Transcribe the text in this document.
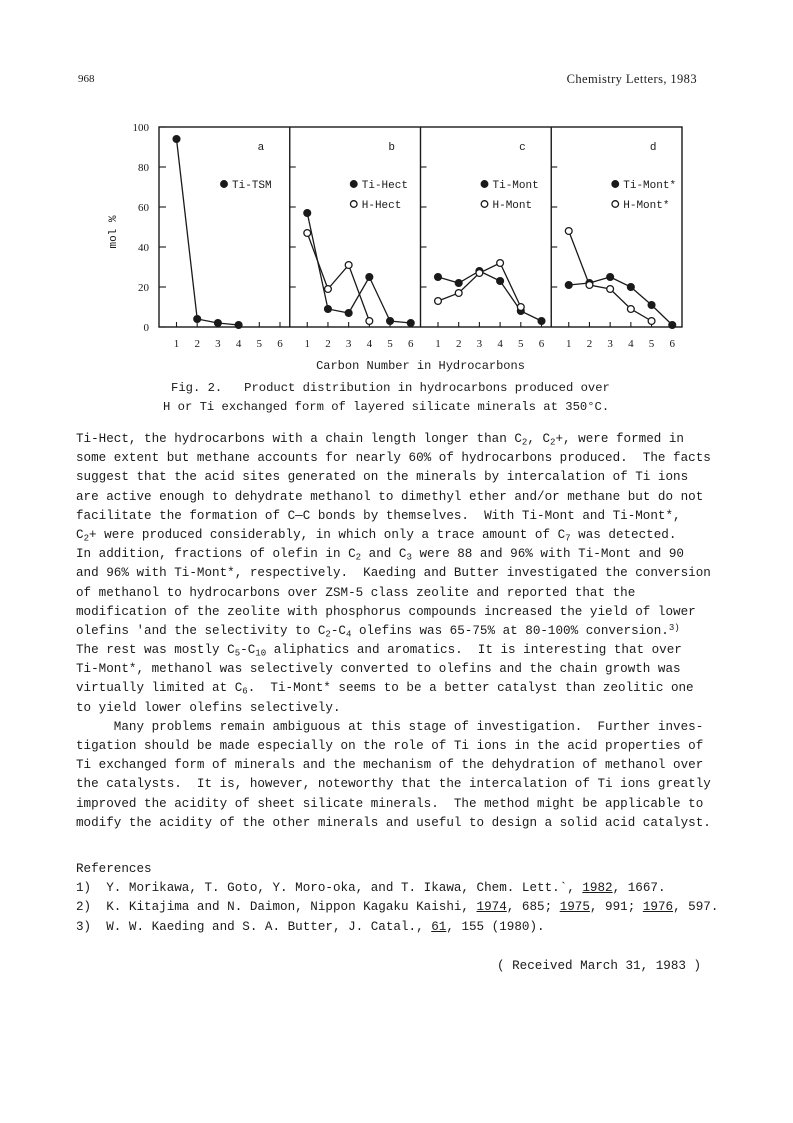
968	Chemistry Letters, 1983
0
20
40
60
80
100
mol %
1 2 3 4 5 6
a
Ti-TSM
1 2 3 4 5 6
b
Ti-Hect
H-Hect
1 2 3 4 5 6
c
Ti-Mont
H-Mont
1 2 3 4 5 6
d
Ti-Mont*
H-Mont*
Carbon Number in Hydrocarbons
Fig. 2.   Product distribution in hydrocarbons produced over
H or Ti exchanged form of layered silicate minerals at 350°C.
Ti-Hect, the hydrocarbons with a chain length longer than $C_2$, $C_2+$, were formed in
some extent but methane accounts for nearly 60% of hydrocarbons produced.  The facts
suggest that the acid sites generated on the minerals by intercalation of Ti ions
are active enough to dehydrate methanol to dimethyl ether and/or methane but do not
facilitate the formation of C—C bonds by themselves.  With Ti-Mont and Ti-Mont*,
$C_2+$ were produced considerably, in which only a trace amount of $C_7$ was detected.
In addition, fractions of olefin in $C_2$ and $C_3$ were 88 and 96% with Ti-Mont and 90
and 96% with Ti-Mont*, respectively.  Kaeding and Butter investigated the conversion
of methanol to hydrocarbons over ZSM-5 class zeolite and reported that the
modification of the zeolite with phosphorus compounds increased the yield of lower
olefins 'and the selectivity to $C_2-C_4$ olefins was 65-75% at 80-100% conversion.$^{3)}$
The rest was mostly $C_5-C_{10}$ aliphatics and aromatics.  It is interesting that over
Ti-Mont*, methanol was selectively converted to olefins and the chain growth was
virtually limited at $C_6$.  Ti-Mont* seems to be a better catalyst than zeolitic one
to yield lower olefins selectively.
Many problems remain ambiguous at this stage of investigation.  Further inves-
tigation should be made especially on the role of Ti ions in the acid properties of
Ti exchanged form of minerals and the mechanism of the dehydration of methanol over
the catalysts.  It is, however, noteworthy that the intercalation of Ti ions greatly
improved the acidity of sheet silicate minerals.  The method might be applicable to
modify the acidity of the other minerals and useful to design a solid acid catalyst.
References
1)  Y. Morikawa, T. Goto, Y. Moro-oka, and T. Ikawa, Chem. Lett.`, 1982, 1667.
2)  K. Kitajima and N. Daimon, Nippon Kagaku Kaishi, 1974, 685; 1975, 991; 1976, 597.
3)  W. W. Kaeding and S. A. Butter, J. Catal., 61, 155 (1980).
( Received March 31, 1983 )
